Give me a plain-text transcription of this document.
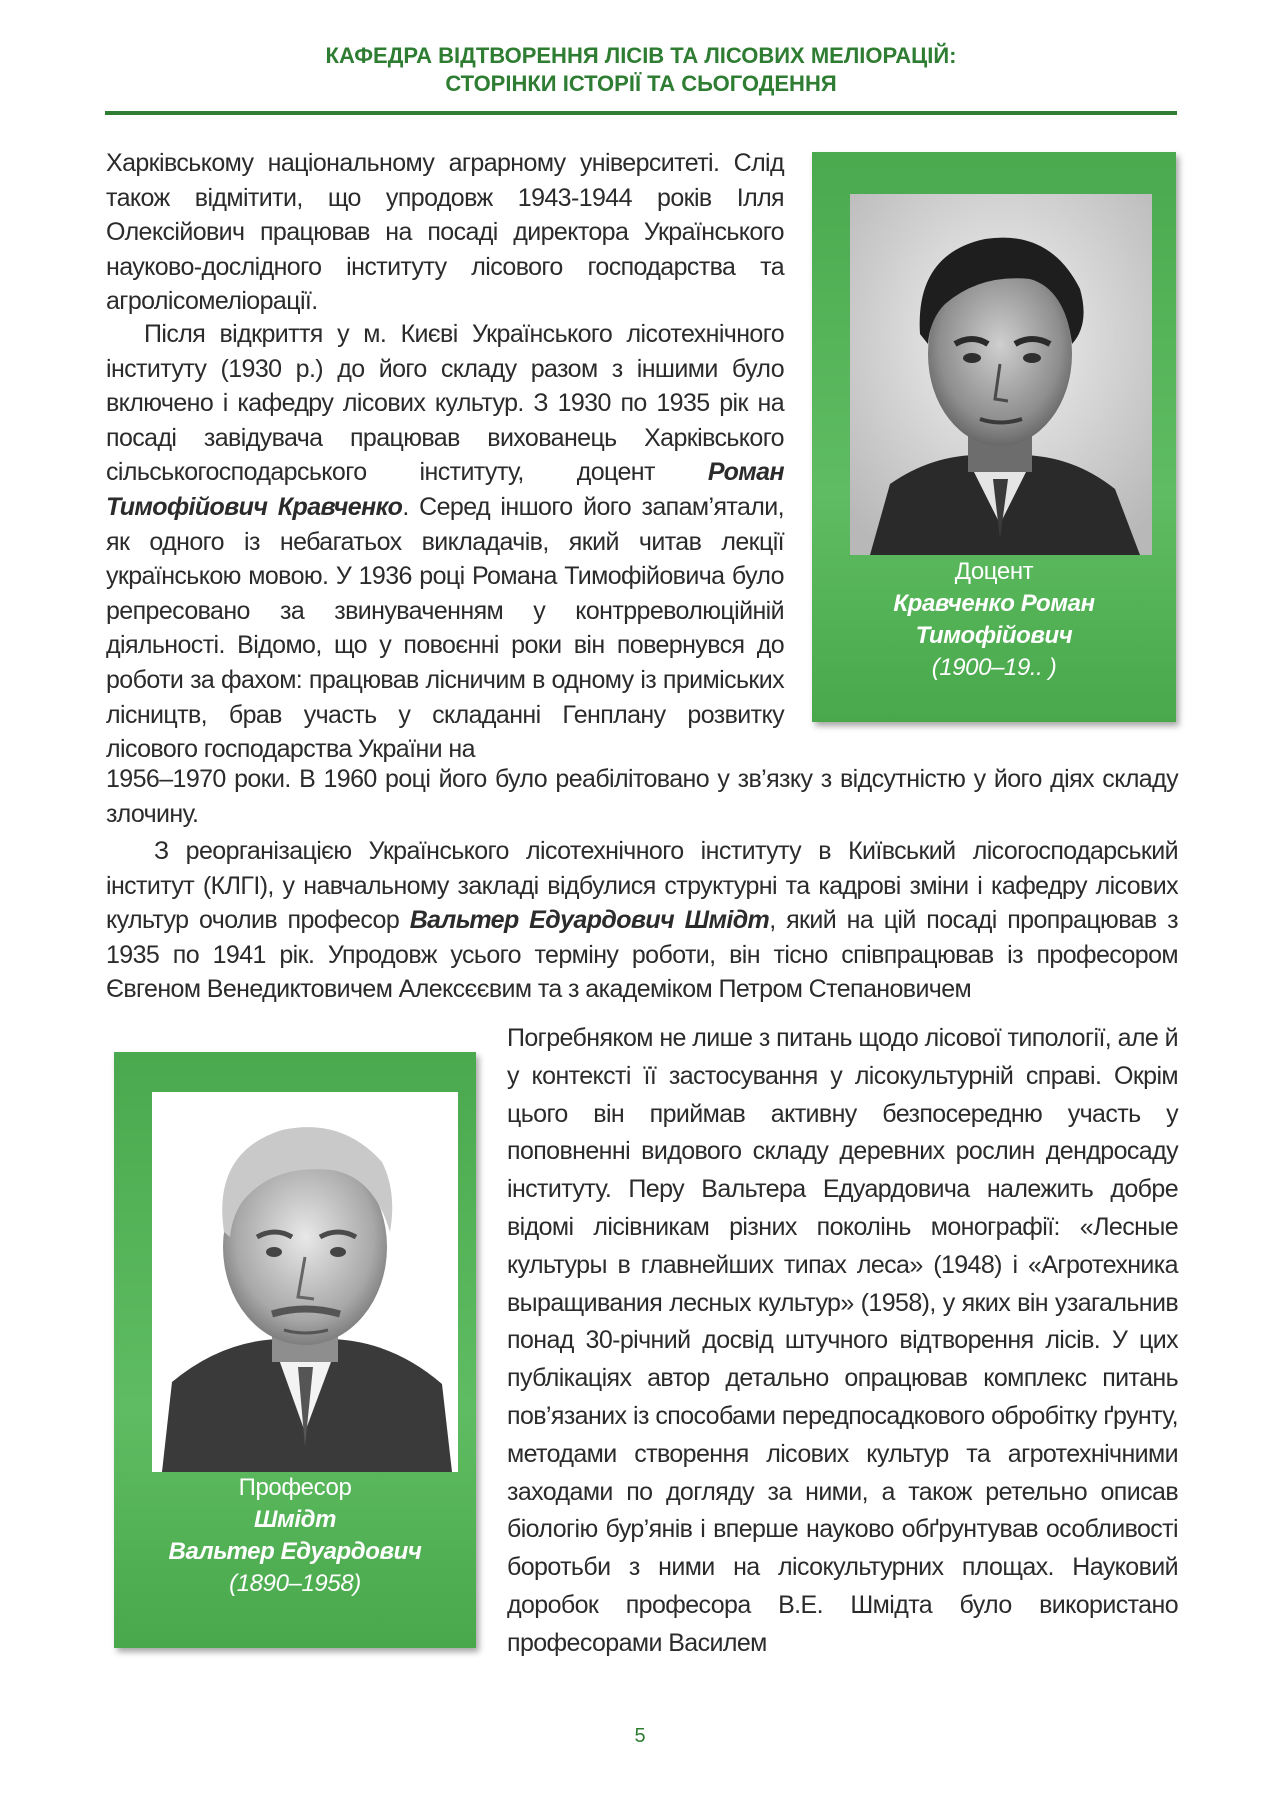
КАФЕДРА ВІДТВОРЕННЯ ЛІСІВ ТА ЛІСОВИХ МЕЛІОРАЦІЙ:
СТОРІНКИ ІСТОРІЇ ТА СЬОГОДЕННЯ

Харківському національному аграрному університеті. Слід також відмітити, що упродовж 1943-1944 років Ілля Олексійович працював на посаді директора Українського науково-дослідного інституту лісового господарства та агролісомеліорації.

Після відкриття у м. Києві Українського лісотехнічного інституту (1930 р.) до його складу разом з іншими було включено і кафедру лісових культур. З 1930 по 1935 рік на посаді завідувача працював вихованець Харківського сільськогосподарського інституту, доцент Роман Тимофійович Кравченко. Серед іншого його запам’ятали, як одного із небагатьох викладачів, який читав лекції українською мовою. У 1936 році Романа Тимофійовича було репресовано за звинуваченням у контрреволюційній діяльності. Відомо, що у повоєнні роки він повернувся до роботи за фахом: працював лісничим в одному із приміських лісництв, брав участь у складанні Генплану розвитку лісового господарства України на

1956–1970 роки. В 1960 році його було реабілітовано у зв’язку з відсутністю у його діях складу злочину.

З реорганізацією Українського лісотехнічного інституту в Київський лісогосподарський інститут (КЛГІ), у навчальному закладі відбулися структурні та кадрові зміни і кафедру лісових культур очолив професор Вальтер Едуардович Шмідт, який на цій посаді пропрацював з 1935 по 1941 рік. Упродовж усього терміну роботи, він тісно співпрацював із професором Євгеном Венедиктовичем Алексєєвим та з академіком Петром Степановичем

Погребняком не лише з питань щодо лісової типології, але й у контексті її застосування у лісокультурній справі. Окрім цього він приймав активну безпосередню участь у поповненні видового складу деревних рослин дендросаду інституту. Перу Вальтера Едуардовича належить добре відомі лісівникам різних поколінь монографії: «Лесные культуры в главнейших типах леса» (1948) і «Агротехника выращивания лесных культур» (1958), у яких він узагальнив понад 30-річний досвід штучного відтворення лісів. У цих публікаціях автор детально опрацював комплекс питань пов’язаних із способами передпосадкового обробітку ґрунту, методами створення лісових культур та агротехнічними заходами по догляду за ними, а також ретельно описав біологію бур’янів і вперше науково обґрунтував особливості боротьби з ними на лісокультурних площах. Науковий доробок професора В.Е. Шмідта було використано професорами Василем

Доцент
Кравченко Роман
Тимофійович
(1900–19.. )
Професор
Шмідт
Вальтер Едуардович
(1890–1958)
5
